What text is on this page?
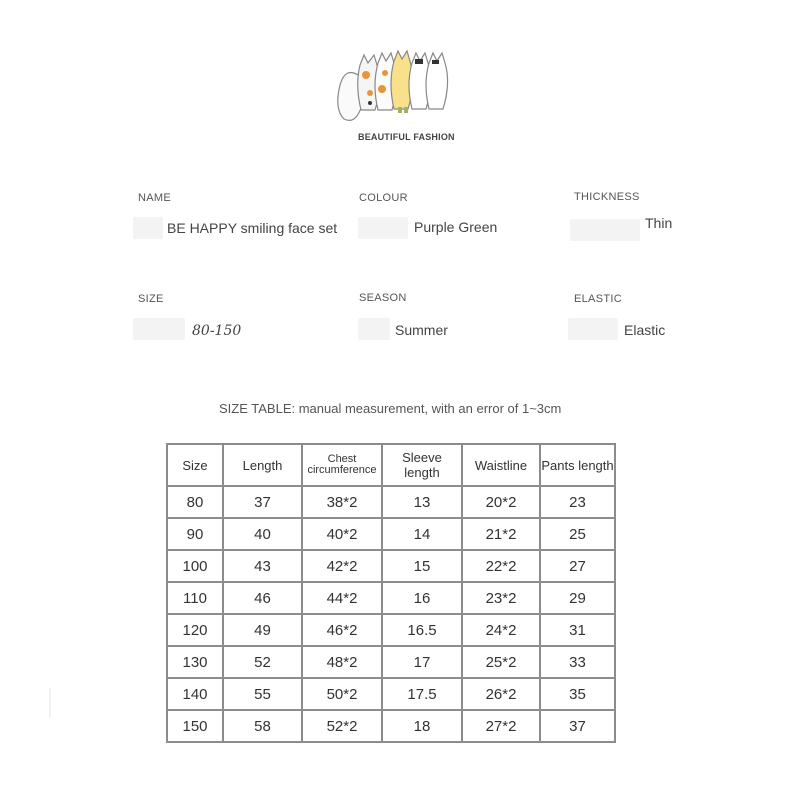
BEAUTIFUL FASHION
NAME
BE HAPPY smiling face set
COLOUR
Purple Green
THICKNESS
Thin
SIZE
80-150
SEASON
Summer
ELASTIC
Elastic
SIZE TABLE: manual measurement, with an error of 1~3cm
Size	Length	Chest circumference	Sleeve length	Waistline	Pants length
80	37	38*2	13	20*2	23
90	40	40*2	14	21*2	25
100	43	42*2	15	22*2	27
110	46	44*2	16	23*2	29
120	49	46*2	16.5	24*2	31
130	52	48*2	17	25*2	33
140	55	50*2	17.5	26*2	35
150	58	52*2	18	27*2	37
